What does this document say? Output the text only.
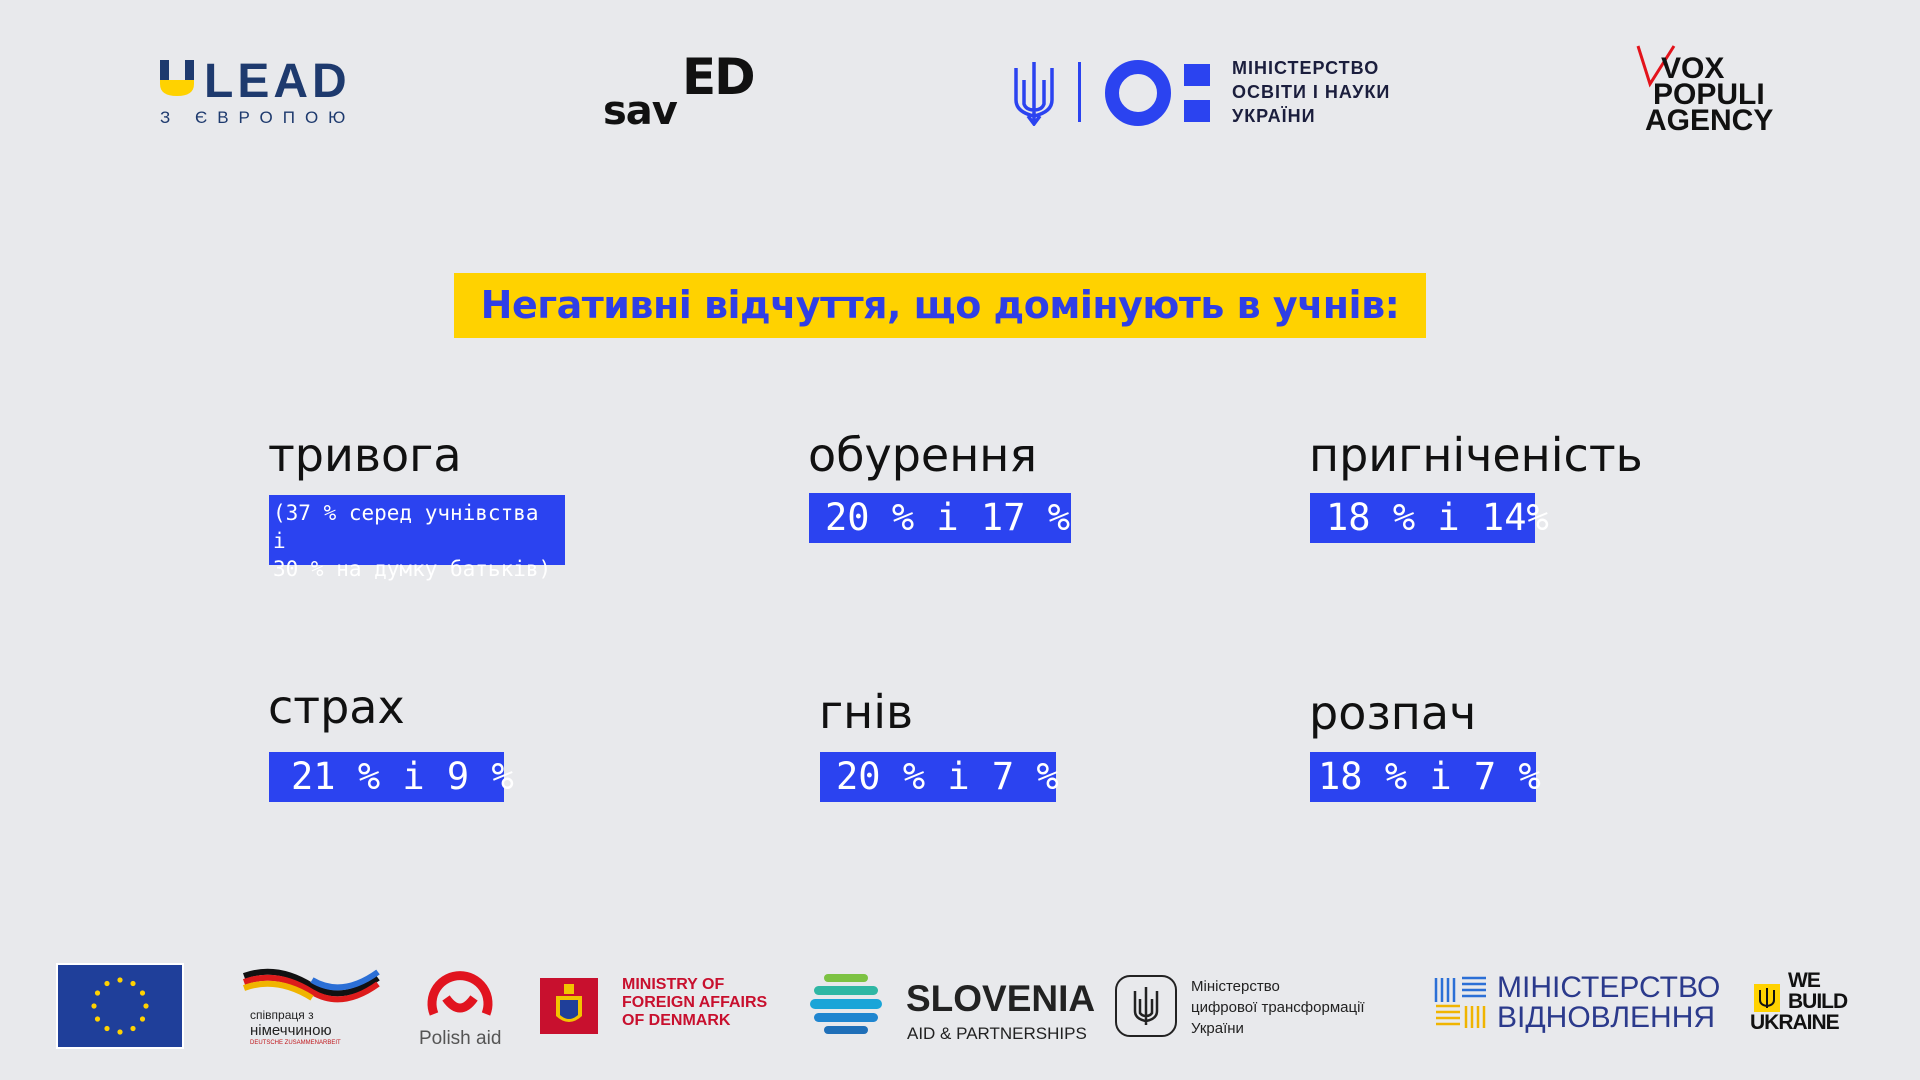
LEAD
З ЄВРОПОЮ	sav
ED	МІНІСТЕРСТВО
ОСВІТИ І НАУКИ
УКРАЇНИ
VOX
POPULI
AGENCY
Негативні відчуття, що домінують в учнів:
тривога
(37 % серед учнівства і
30 % на думку батьків)
обурення
20 % і 17 %
пригніченість
18 % і 14%
страх
21 % і 9 %
гнів
20 % і 7 %
розпач
18 % і 7 %
співпраця з
німеччиною
DEUTSCHE ZUSAMMENARBEIT	Polish aid
MINISTRY OF
FOREIGN AFFAIRS
OF DENMARK
SLOVENIA
AID & PARTNERSHIPS
Міністерство
цифрової трансформації
України
МІНІСТЕРСТВО
ВІДНОВЛЕННЯ
WE
BUILD
UKRAINE
